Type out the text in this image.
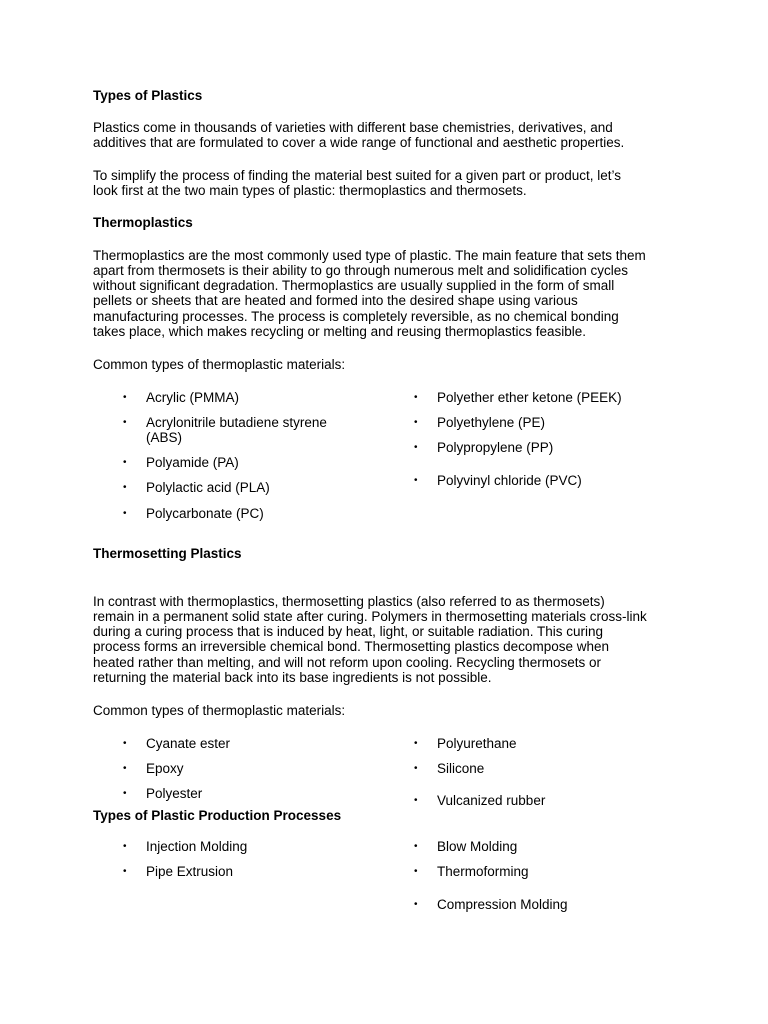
Types of Plastics
Plastics come in thousands of varieties with different base chemistries, derivatives, and
additives that are formulated to cover a wide range of functional and aesthetic properties.
To simplify the process of finding the material best suited for a given part or product, let’s
look first at the two main types of plastic: thermoplastics and thermosets.
Thermoplastics
Thermoplastics are the most commonly used type of plastic. The main feature that sets them
apart from thermosets is their ability to go through numerous melt and solidification cycles
without significant degradation. Thermoplastics are usually supplied in the form of small
pellets or sheets that are heated and formed into the desired shape using various
manufacturing processes. The process is completely reversible, as no chemical bonding
takes place, which makes recycling or melting and reusing thermoplastics feasible.
Common types of thermoplastic materials:
• Acrylic (PMMA)
• Acrylonitrile butadiene styrene
(ABS)
• Polyamide (PA)
• Polylactic acid (PLA)
• Polycarbonate (PC)
• Polyether ether ketone (PEEK)
• Polyethylene (PE)
• Polypropylene (PP)
• Polyvinyl chloride (PVC)
Thermosetting Plastics
In contrast with thermoplastics, thermosetting plastics (also referred to as thermosets)
remain in a permanent solid state after curing. Polymers in thermosetting materials cross-link
during a curing process that is induced by heat, light, or suitable radiation. This curing
process forms an irreversible chemical bond. Thermosetting plastics decompose when
heated rather than melting, and will not reform upon cooling. Recycling thermosets or
returning the material back into its base ingredients is not possible.
Common types of thermoplastic materials:
• Cyanate ester
• Epoxy
• Polyester
• Polyurethane
• Silicone
• Vulcanized rubber
Types of Plastic Production Processes
• Injection Molding
• Pipe Extrusion
• Blow Molding
• Thermoforming
• Compression Molding
